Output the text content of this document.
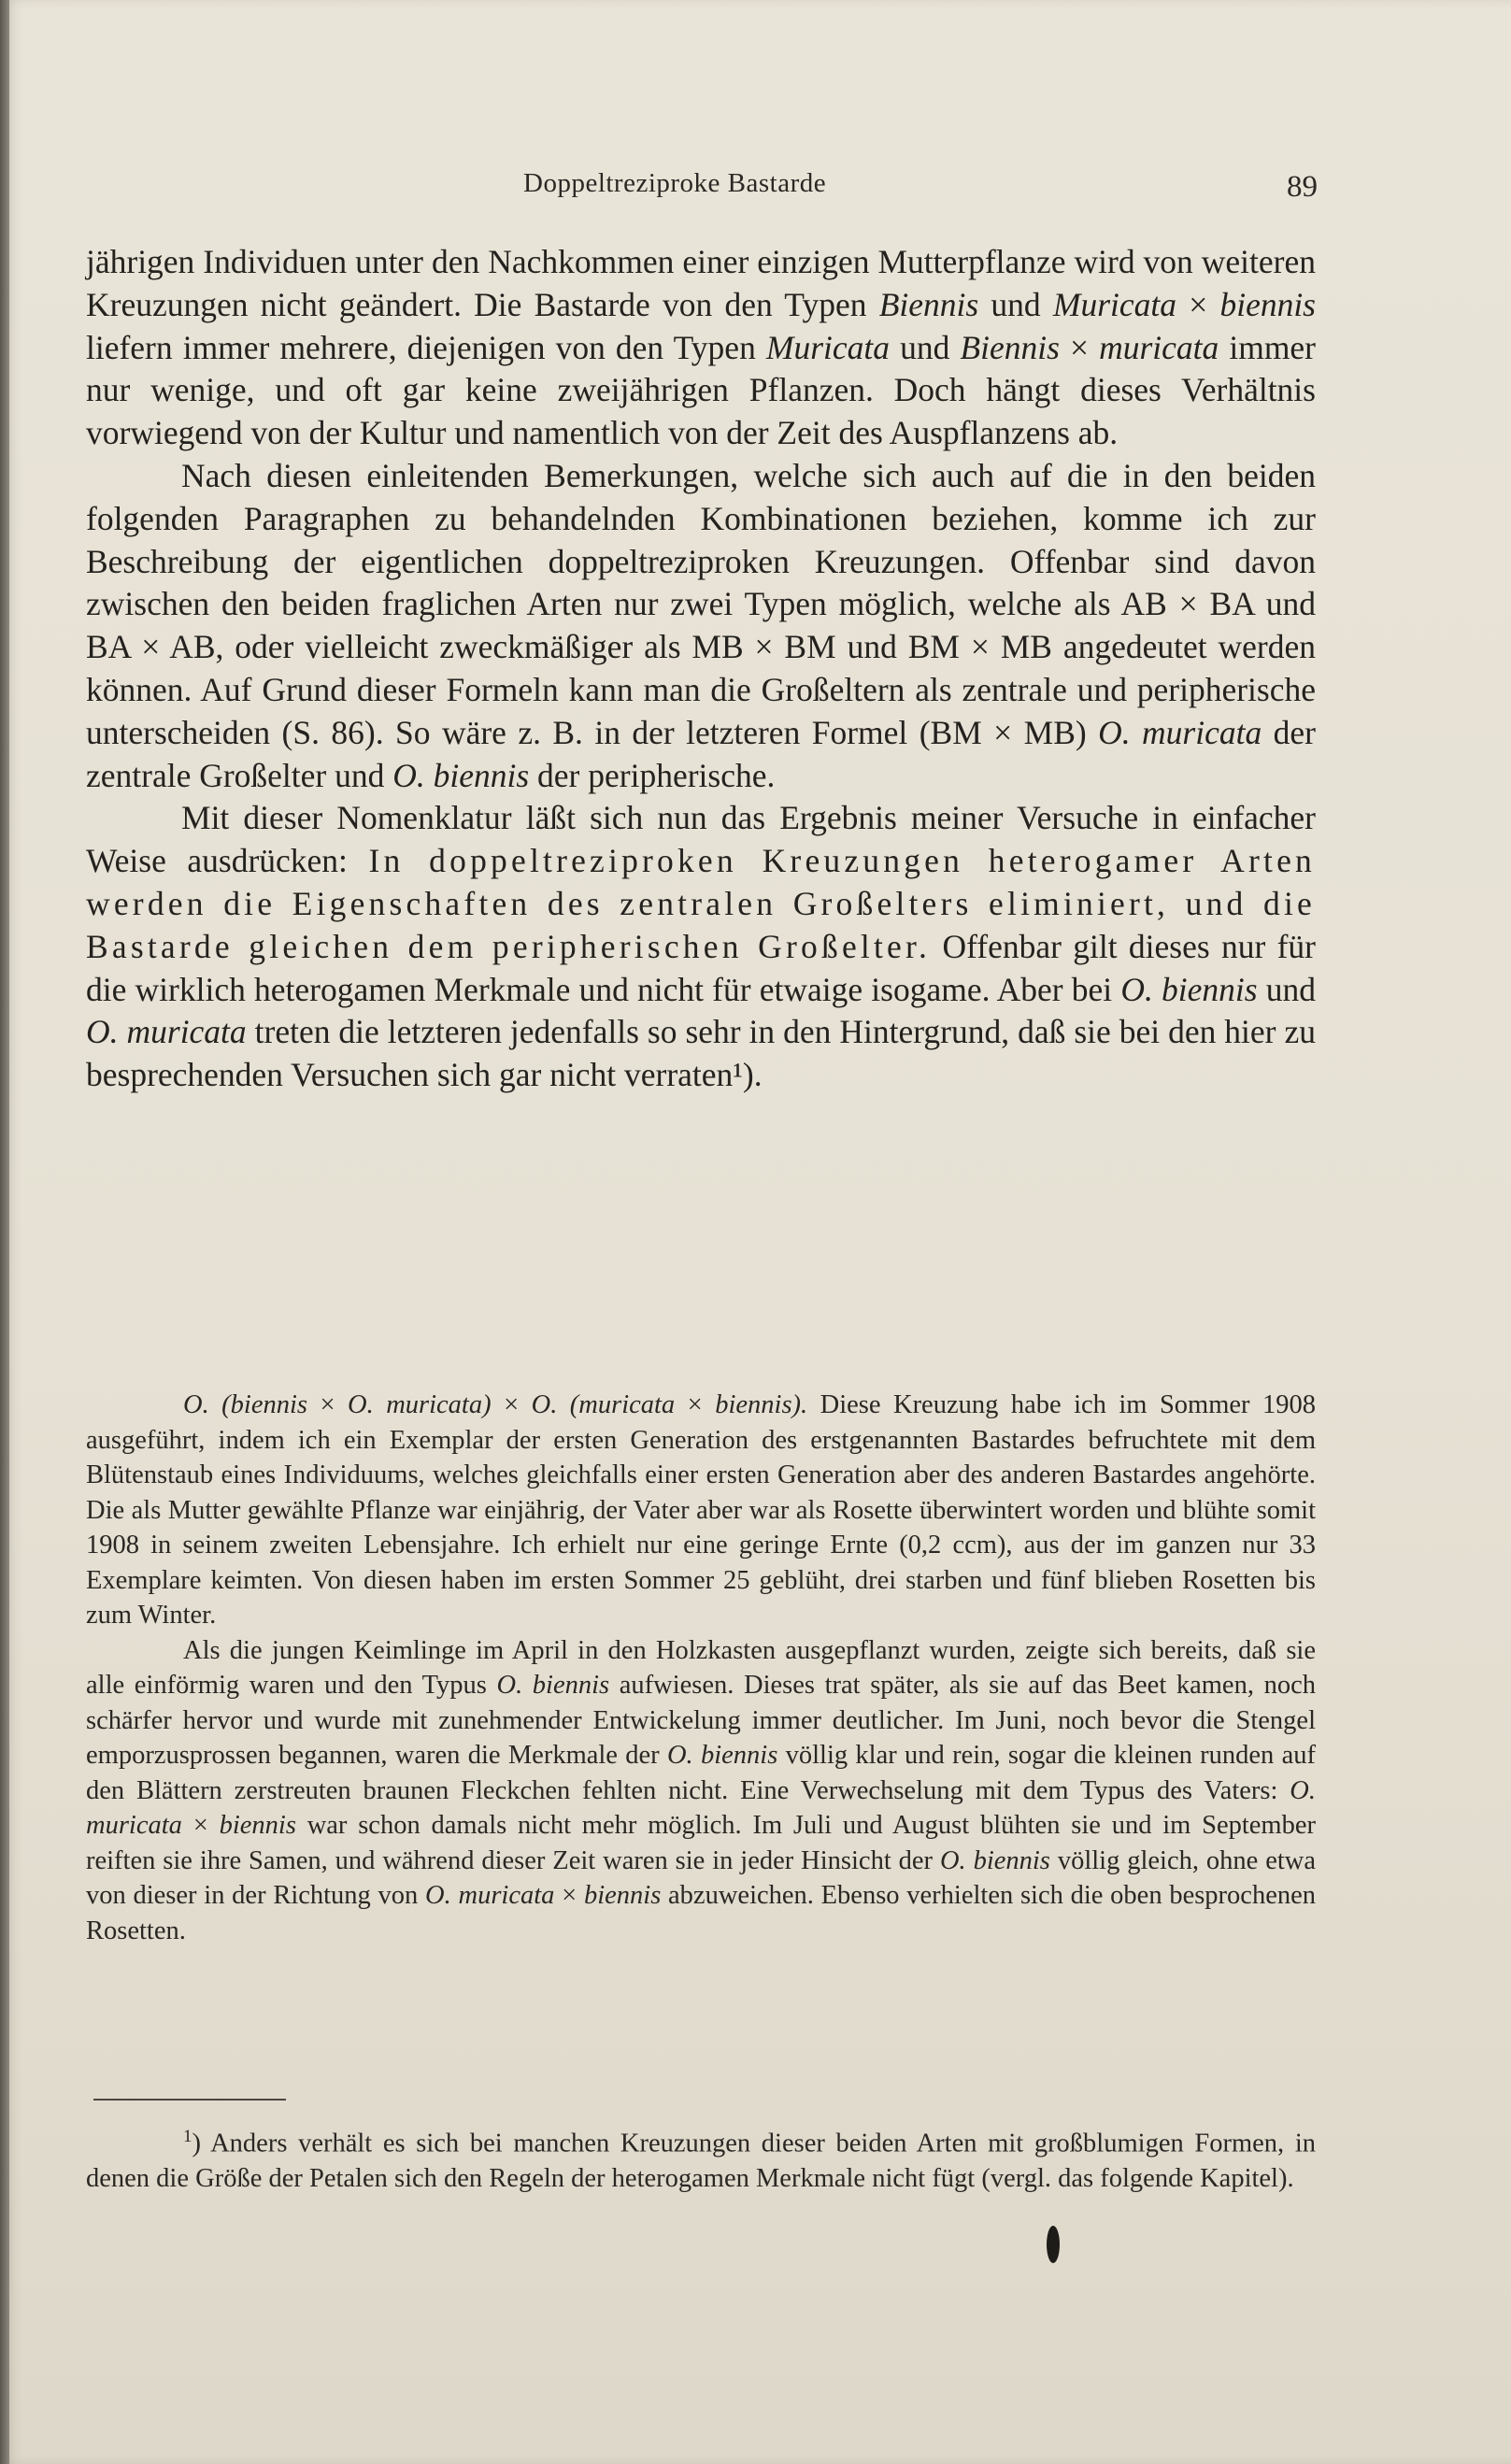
Doppeltreziproke Bastarde	89

jährigen Individuen unter den Nachkommen einer einzigen Mutterpflanze wird von weiteren Kreuzungen nicht geändert. Die Bastarde von den Typen Biennis und Muricata × biennis liefern immer mehrere, diejenigen von den Typen Muricata und Biennis × muricata immer nur wenige, und oft gar keine zweijährigen Pflanzen. Doch hängt dieses Verhältnis vorwiegend von der Kultur und namentlich von der Zeit des Auspflanzens ab.

Nach diesen einleitenden Bemerkungen, welche sich auch auf die in den beiden folgenden Paragraphen zu behandelnden Kombinationen beziehen, komme ich zur Beschreibung der eigentlichen doppeltreziproken Kreuzungen. Offenbar sind davon zwischen den beiden fraglichen Arten nur zwei Typen möglich, welche als AB × BA und BA × AB, oder vielleicht zweckmäßiger als MB × BM und BM × MB angedeutet werden können. Auf Grund dieser Formeln kann man die Großeltern als zentrale und peripherische unterscheiden (S. 86). So wäre z. B. in der letzteren Formel (BM × MB) O. muricata der zentrale Großelter und O. biennis der peripherische.

Mit dieser Nomenklatur läßt sich nun das Ergebnis meiner Versuche in einfacher Weise ausdrücken: In doppeltreziproken Kreuzungen heterogamer Arten werden die Eigenschaften des zentralen Großelters eliminiert, und die Bastarde gleichen dem peripherischen Großelter. Offenbar gilt dieses nur für die wirklich heterogamen Merkmale und nicht für etwaige isogame. Aber bei O. biennis und O. muricata treten die letzteren jedenfalls so sehr in den Hintergrund, daß sie bei den hier zu besprechenden Versuchen sich gar nicht verraten¹).

O. (biennis × O. muricata) × O. (muricata × biennis). Diese Kreuzung habe ich im Sommer 1908 ausgeführt, indem ich ein Exemplar der ersten Generation des erstgenannten Bastardes befruchtete mit dem Blütenstaub eines Individuums, welches gleichfalls einer ersten Generation aber des anderen Bastardes angehörte. Die als Mutter gewählte Pflanze war einjährig, der Vater aber war als Rosette überwintert worden und blühte somit 1908 in seinem zweiten Lebensjahre. Ich erhielt nur eine geringe Ernte (0,2 ccm), aus der im ganzen nur 33 Exemplare keimten. Von diesen haben im ersten Sommer 25 geblüht, drei starben und fünf blieben Rosetten bis zum Winter.

Als die jungen Keimlinge im April in den Holzkasten ausgepflanzt wurden, zeigte sich bereits, daß sie alle einförmig waren und den Typus O. biennis aufwiesen. Dieses trat später, als sie auf das Beet kamen, noch schärfer hervor und wurde mit zunehmender Entwickelung immer deutlicher. Im Juni, noch bevor die Stengel emporzusprossen begannen, waren die Merkmale der O. biennis völlig klar und rein, sogar die kleinen runden auf den Blättern zerstreuten braunen Fleckchen fehlten nicht. Eine Verwechselung mit dem Typus des Vaters: O. muricata × biennis war schon damals nicht mehr möglich. Im Juli und August blühten sie und im September reiften sie ihre Samen, und während dieser Zeit waren sie in jeder Hinsicht der O. biennis völlig gleich, ohne etwa von dieser in der Richtung von O. muricata × biennis abzuweichen. Ebenso verhielten sich die oben besprochenen Rosetten.

$^1$) Anders verhält es sich bei manchen Kreuzungen dieser beiden Arten mit großblumigen Formen, in denen die Größe der Petalen sich den Regeln der heterogamen Merkmale nicht fügt (vergl. das folgende Kapitel).
